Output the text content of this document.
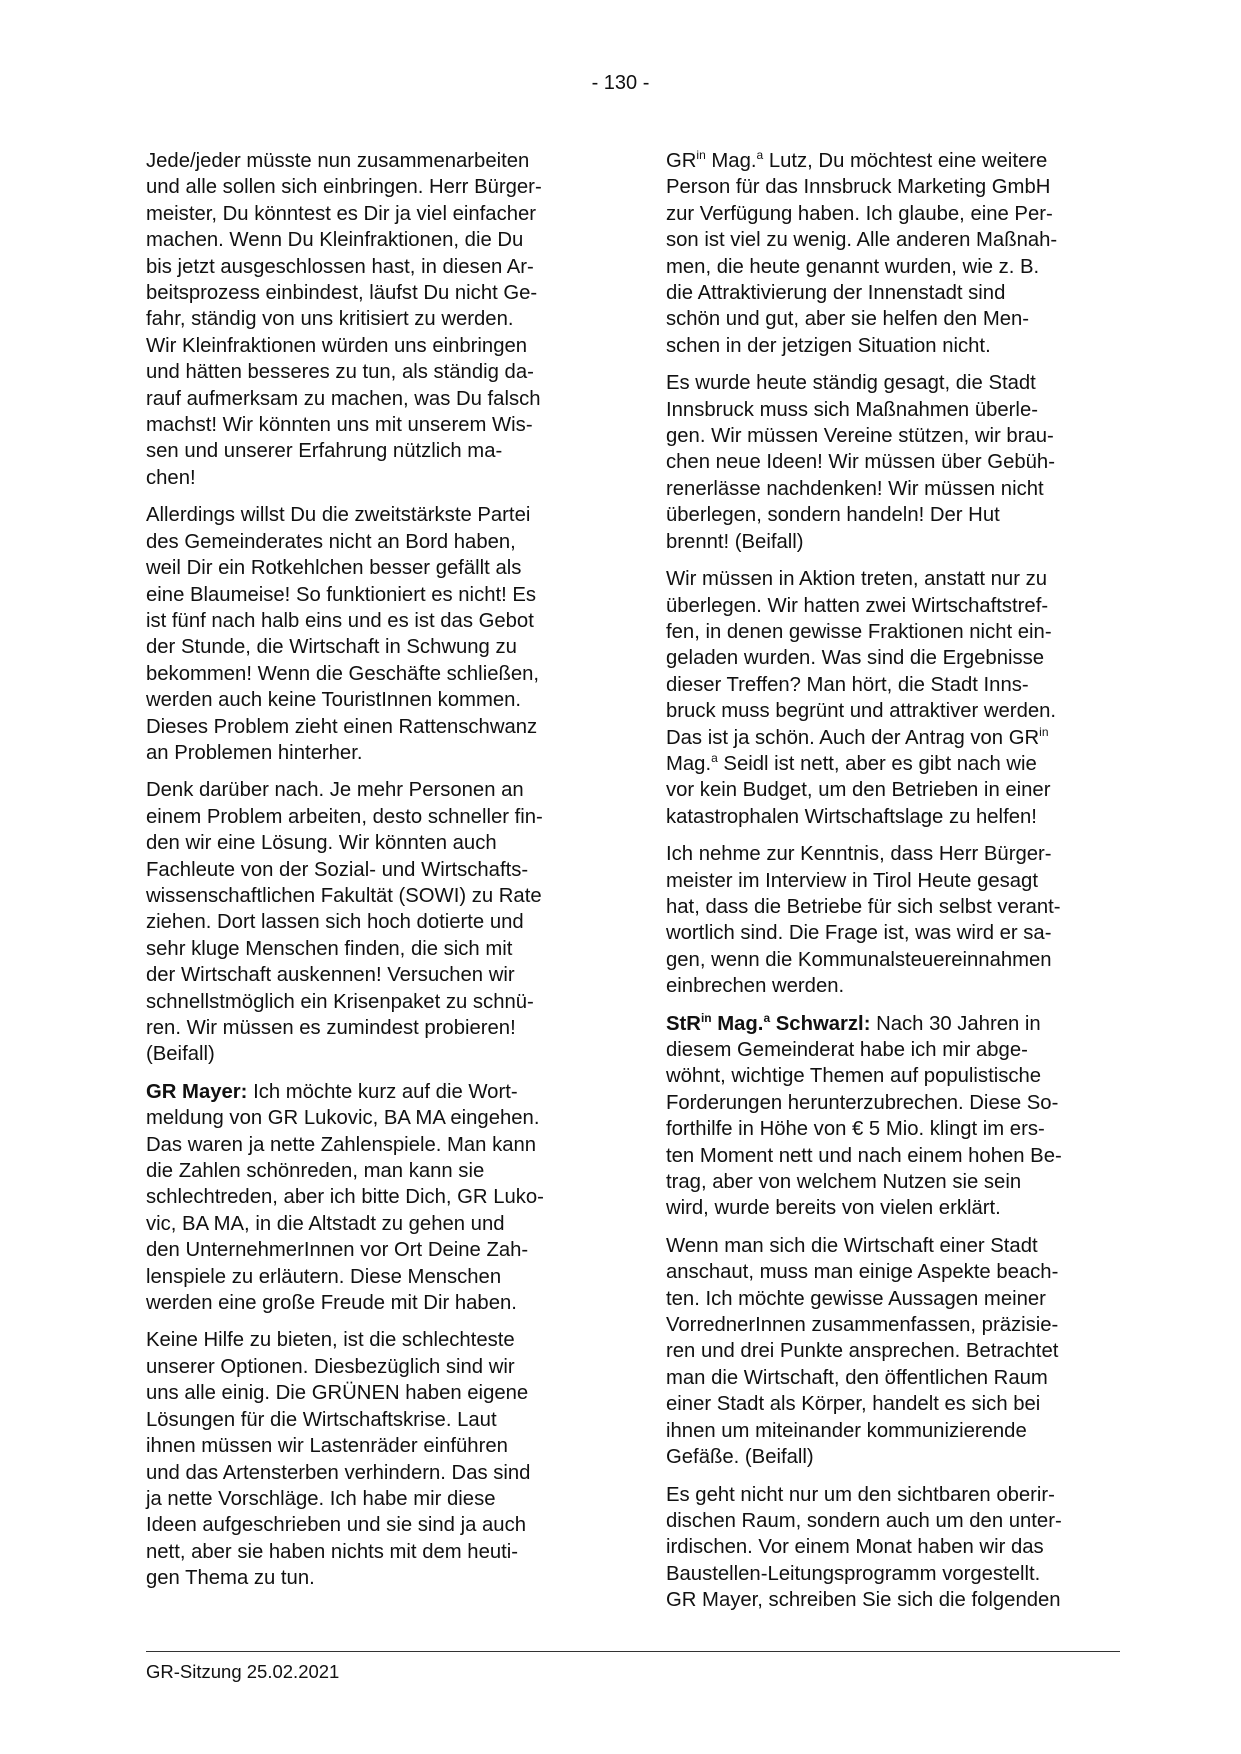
- 130 -

Jede/jeder müsste nun zusammenarbeiten
und alle sollen sich einbringen. Herr Bürger-
meister, Du könntest es Dir ja viel einfacher
machen. Wenn Du Kleinfraktionen, die Du
bis jetzt ausgeschlossen hast, in diesen Ar-
beitsprozess einbindest, läufst Du nicht Ge-
fahr, ständig von uns kritisiert zu werden.
Wir Kleinfraktionen würden uns einbringen
und hätten besseres zu tun, als ständig da-
rauf aufmerksam zu machen, was Du falsch
machst! Wir könnten uns mit unserem Wis-
sen und unserer Erfahrung nützlich ma-
chen!

Allerdings willst Du die zweitstärkste Partei
des Gemeinderates nicht an Bord haben,
weil Dir ein Rotkehlchen besser gefällt als
eine Blaumeise! So funktioniert es nicht! Es
ist fünf nach halb eins und es ist das Gebot
der Stunde, die Wirtschaft in Schwung zu
bekommen! Wenn die Geschäfte schließen,
werden auch keine TouristInnen kommen.
Dieses Problem zieht einen Rattenschwanz
an Problemen hinterher.

Denk darüber nach. Je mehr Personen an
einem Problem arbeiten, desto schneller fin-
den wir eine Lösung. Wir könnten auch
Fachleute von der Sozial- und Wirtschafts-
wissenschaftlichen Fakultät (SOWI) zu Rate
ziehen. Dort lassen sich hoch dotierte und
sehr kluge Menschen finden, die sich mit
der Wirtschaft auskennen! Versuchen wir
schnellstmöglich ein Krisenpaket zu schnü-
ren. Wir müssen es zumindest probieren!
(Beifall)

GR Mayer: Ich möchte kurz auf die Wort-
meldung von GR Lukovic, BA MA eingehen.
Das waren ja nette Zahlenspiele. Man kann
die Zahlen schönreden, man kann sie
schlechtreden, aber ich bitte Dich, GR Luko-
vic, BA MA, in die Altstadt zu gehen und
den UnternehmerInnen vor Ort Deine Zah-
lenspiele zu erläutern. Diese Menschen
werden eine große Freude mit Dir haben.

Keine Hilfe zu bieten, ist die schlechteste
unserer Optionen. Diesbezüglich sind wir
uns alle einig. Die GRÜNEN haben eigene
Lösungen für die Wirtschaftskrise. Laut
ihnen müssen wir Lastenräder einführen
und das Artensterben verhindern. Das sind
ja nette Vorschläge. Ich habe mir diese
Ideen aufgeschrieben und sie sind ja auch
nett, aber sie haben nichts mit dem heuti-
gen Thema zu tun.

$GR^{in}$ Mag.$^a$ Lutz, Du möchtest eine weitere
Person für das Innsbruck Marketing GmbH
zur Verfügung haben. Ich glaube, eine Per-
son ist viel zu wenig. Alle anderen Maßnah-
men, die heute genannt wurden, wie z. B.
die Attraktivierung der Innenstadt sind
schön und gut, aber sie helfen den Men-
schen in der jetzigen Situation nicht.

Es wurde heute ständig gesagt, die Stadt
Innsbruck muss sich Maßnahmen überle-
gen. Wir müssen Vereine stützen, wir brau-
chen neue Ideen! Wir müssen über Gebüh-
renerlässe nachdenken! Wir müssen nicht
überlegen, sondern handeln! Der Hut
brennt! (Beifall)

Wir müssen in Aktion treten, anstatt nur zu
überlegen. Wir hatten zwei Wirtschaftstref-
fen, in denen gewisse Fraktionen nicht ein-
geladen wurden. Was sind die Ergebnisse
dieser Treffen? Man hört, die Stadt Inns-
bruck muss begrünt und attraktiver werden.
Das ist ja schön. Auch der Antrag von $GR^{in}$
Mag.$^a$ Seidl ist nett, aber es gibt nach wie
vor kein Budget, um den Betrieben in einer
katastrophalen Wirtschaftslage zu helfen!

Ich nehme zur Kenntnis, dass Herr Bürger-
meister im Interview in Tirol Heute gesagt
hat, dass die Betriebe für sich selbst verant-
wortlich sind. Die Frage ist, was wird er sa-
gen, wenn die Kommunalsteuereinnahmen
einbrechen werden.

StR$^{in}$ Mag.$^a$ Schwarzl: Nach 30 Jahren in
diesem Gemeinderat habe ich mir abge-
wöhnt, wichtige Themen auf populistische
Forderungen herunterzubrechen. Diese So-
forthilfe in Höhe von € 5 Mio. klingt im ers-
ten Moment nett und nach einem hohen Be-
trag, aber von welchem Nutzen sie sein
wird, wurde bereits von vielen erklärt.

Wenn man sich die Wirtschaft einer Stadt
anschaut, muss man einige Aspekte beach-
ten. Ich möchte gewisse Aussagen meiner
VorrednerInnen zusammenfassen, präzisie-
ren und drei Punkte ansprechen. Betrachtet
man die Wirtschaft, den öffentlichen Raum
einer Stadt als Körper, handelt es sich bei
ihnen um miteinander kommunizierende
Gefäße. (Beifall)

Es geht nicht nur um den sichtbaren oberir-
dischen Raum, sondern auch um den unter-
irdischen. Vor einem Monat haben wir das
Baustellen-Leitungsprogramm vorgestellt.
GR Mayer, schreiben Sie sich die folgenden

GR-Sitzung 25.02.2021
